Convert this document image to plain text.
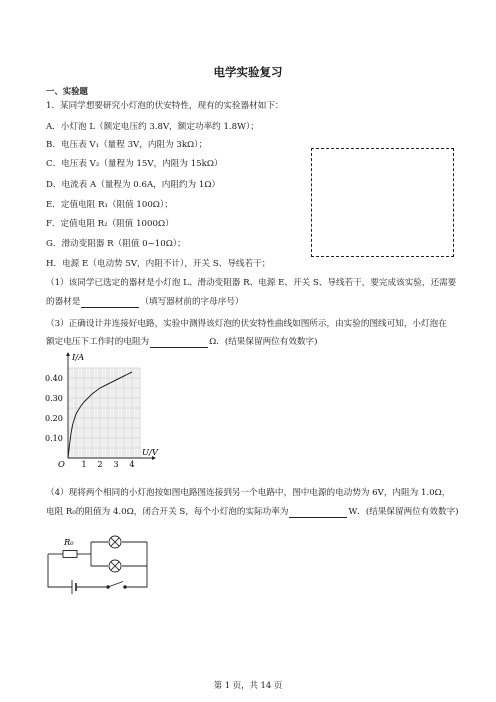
电学实验复习
一、实验题
1．某同学想要研究小灯泡的伏安特性，现有的实验器材如下：
A．小灯泡 L（额定电压约 3.8V，额定功率约 1.8W）；
B．电压表 V₁（量程 3V，内阻为 3kΩ）；
C．电压表 V₂（量程为 15V，内阻为 15kΩ）
D．电流表 A（量程为 0.6A，内阻约为 1Ω）
E．定值电阻 R₁（阻值 100Ω）；
F．定值电阻 R₂（阻值 1000Ω）
G．滑动变阻器 R（阻值 0~10Ω）；
H．电源 E（电动势 5V，内阻不计），开关 S、导线若干；
（1）该同学已选定的器材是小灯泡 L、滑动变阻器 R、电源 E、开关 S、导线若干，要完成该实验，还需要
的器材是	（填写器材前的字母序号）
（3）正确设计并连接好电路，实验中测得该灯泡的伏安特性曲线如图所示，由实验的图线可知，小灯泡在
额定电压下工作时的电阻为	Ω．(结果保留两位有效数字)
1 2 3 4
0.10
0.20
0.30
0.40
I/A
U/V
O
（4）现将两个相同的小灯泡按如图电路图连接到另一个电路中，图中电源的电动势为 6V，内阻为 1.0Ω，
电阻 R₀的阻值为 4.0Ω，闭合开关 S，每个小灯泡的实际功率为	W．(结果保留两位有效数字)
R₀
第 1 页，共 14 页
